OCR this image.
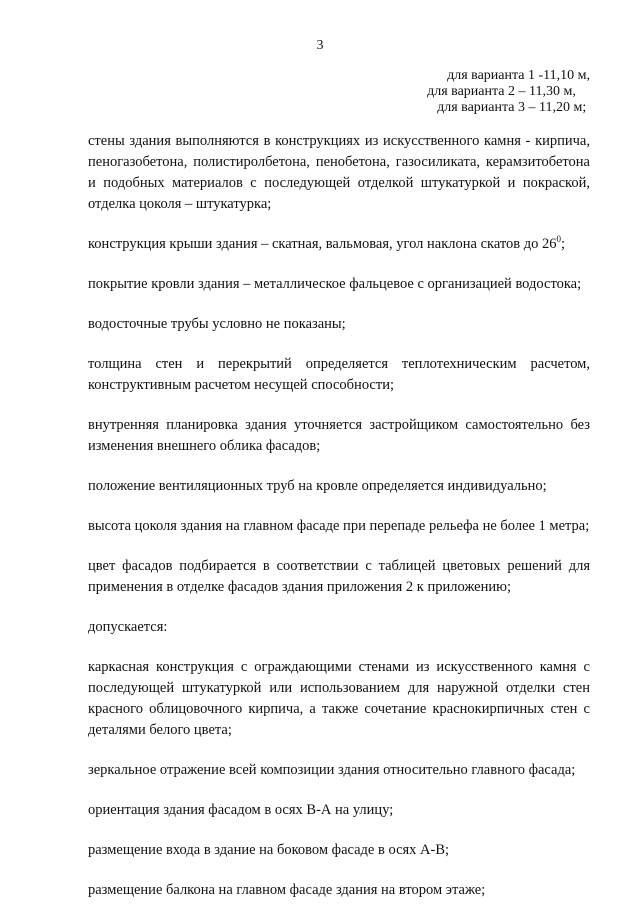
3
для варианта 1 -11,10 м,
для варианта 2 – 11,30 м,
для варианта 3 – 11,20 м;

стены здания выполняются в конструкциях из искусственного камня - кирпича, пеногазобетона, полистиролбетона, пенобетона, газосиликата, керамзитобетона и подобных материалов с последующей отделкой штукатуркой и покраской, отделка цоколя – штукатурка;

конструкция крыши здания – скатная, вальмовая, угол наклона скатов до $26^0$;

покрытие кровли здания – металлическое фальцевое с организацией водостока;

водосточные трубы условно не показаны;

толщина стен и перекрытий определяется теплотехническим расчетом, конструктивным расчетом несущей способности;

внутренняя планировка здания уточняется застройщиком самостоятельно без изменения внешнего облика фасадов;

положение вентиляционных труб на кровле определяется индивидуально;

высота цоколя здания на главном фасаде при перепаде рельефа не более 1 метра;

цвет фасадов подбирается в соответствии с таблицей цветовых решений для применения в отделке фасадов здания приложения 2 к приложению;

допускается:

каркасная конструкция с ограждающими стенами из искусственного камня с последующей штукатуркой или использованием для наружной отделки стен красного облицовочного кирпича, а также сочетание краснокирпичных стен с деталями белого цвета;

зеркальное отражение всей композиции здания относительно главного фасада;

ориентация здания фасадом в осях В-А на улицу;

размещение входа в здание на боковом фасаде в осях А-В;

размещение балкона на главном фасаде здания на втором этаже;
